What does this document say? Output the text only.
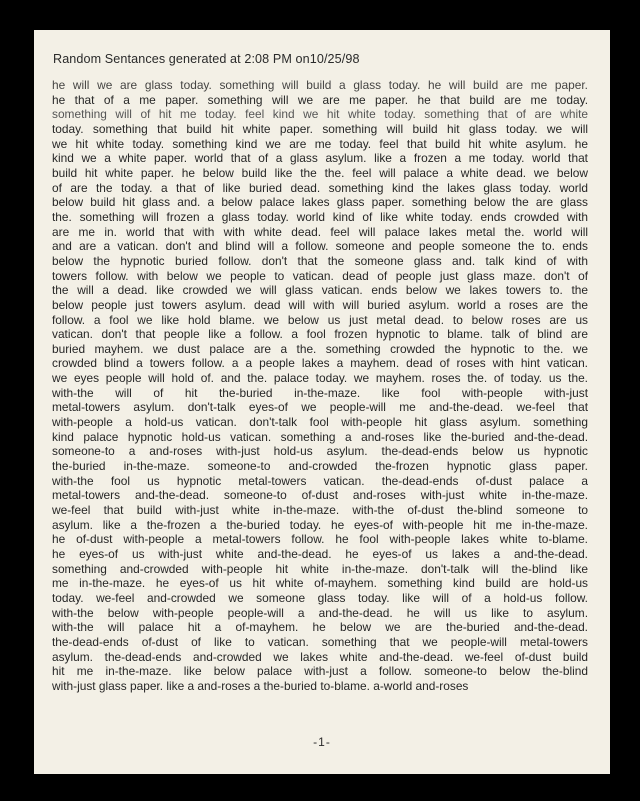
Random Sentances generated at 2:08 PM on10/25/98
he will we are glass today. something will build a glass today. he will build are me paper.
he that of a me paper. something will we are me paper. he that build are me today.
something will of hit me today. feel kind we hit white today. something that of are white
today. something that build hit white paper. something will build hit glass today. we will
we hit white today. something kind we are me today. feel that build hit white asylum. he
kind we a white paper. world that of a glass asylum. like a frozen a me today. world that
build hit white paper. he below build like the the. feel will palace a white dead. we below
of are the today. a that of like buried dead. something kind the lakes glass today. world
below build hit glass and. a below palace lakes glass paper. something below the are glass
the. something will frozen a glass today. world kind of like white today. ends crowded with
are me in. world that with with white dead. feel will palace lakes metal the. world will
and are a vatican. don't and blind will a follow. someone and people someone the to. ends
below the hypnotic buried follow. don't that the someone glass and. talk kind of with
towers follow. with below we people to vatican. dead of people just glass maze. don't of
the will a dead. like crowded we will glass vatican. ends below we lakes towers to. the
below people just towers asylum. dead will with will buried asylum. world a roses are the
follow. a fool we like hold blame. we below us just metal dead. to below roses are us
vatican. don't that people like a follow. a fool frozen hypnotic to blame. talk of blind are
buried mayhem. we dust palace are a the. something crowded the hypnotic to the. we
crowded blind a towers follow. a a people lakes a mayhem. dead of roses with hint vatican.
we eyes people will hold of. and the. palace today. we mayhem. roses the. of today. us the.
with-the will of hit the-buried in-the-maze. like fool with-people with-just
metal-towers asylum. don't-talk eyes-of we people-will me and-the-dead. we-feel that
with-people a hold-us vatican. don't-talk fool with-people hit glass asylum. something
kind palace hypnotic hold-us vatican. something a and-roses like the-buried and-the-dead.
someone-to a and-roses with-just hold-us asylum. the-dead-ends below us hypnotic
the-buried in-the-maze. someone-to and-crowded the-frozen hypnotic glass paper.
with-the fool us hypnotic metal-towers vatican. the-dead-ends of-dust palace a
metal-towers and-the-dead. someone-to of-dust and-roses with-just white in-the-maze.
we-feel that build with-just white in-the-maze. with-the of-dust the-blind someone to
asylum. like a the-frozen a the-buried today. he eyes-of with-people hit me in-the-maze.
he of-dust with-people a metal-towers follow. he fool with-people lakes white to-blame.
he eyes-of us with-just white and-the-dead. he eyes-of us lakes a and-the-dead.
something and-crowded with-people hit white in-the-maze. don't-talk will the-blind like
me in-the-maze. he eyes-of us hit white of-mayhem. something kind build are hold-us
today. we-feel and-crowded we someone glass today. like will of a hold-us follow.
with-the below with-people people-will a and-the-dead. he will us like to asylum.
with-the will palace hit a of-mayhem. he below we are the-buried and-the-dead.
the-dead-ends of-dust of like to vatican. something that we people-will metal-towers
asylum. the-dead-ends and-crowded we lakes white and-the-dead. we-feel of-dust build
hit me in-the-maze. like below palace with-just a follow. someone-to below the-blind
with-just glass paper. like a and-roses a the-buried to-blame. a-world and-roses
-1-
